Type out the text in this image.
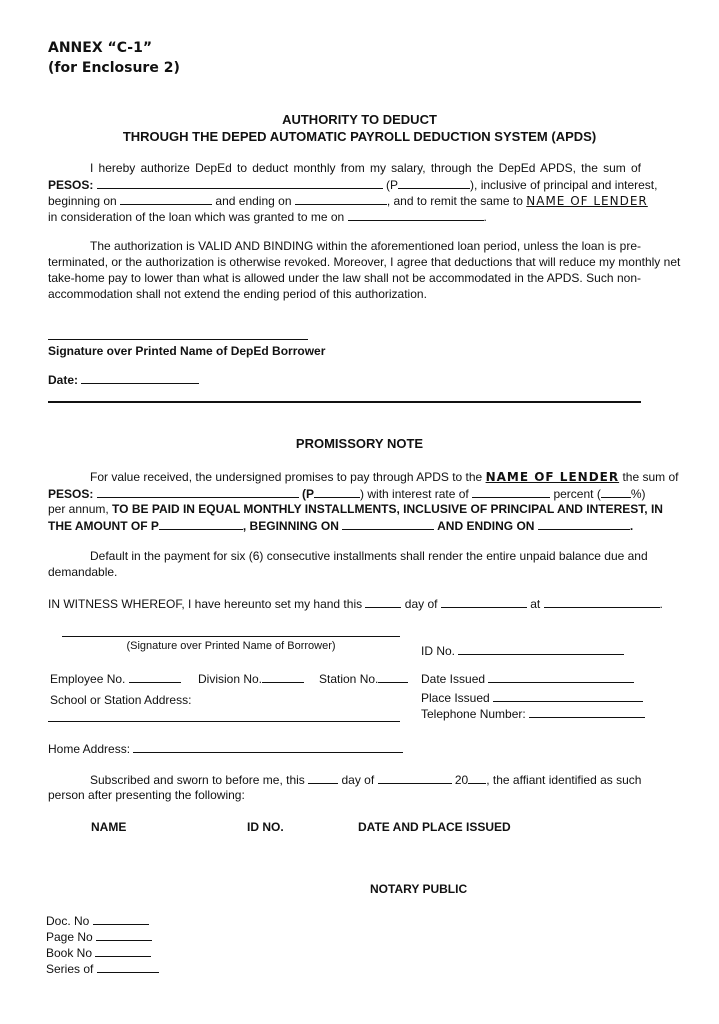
ANNEX “C-1”
(for Enclosure 2)
AUTHORITY TO DEDUCT
THROUGH THE DEPED AUTOMATIC PAYROLL DEDUCTION SYSTEM (APDS)
I hereby authorize DepEd to deduct monthly from my salary, through the DepEd APDS, the sum of
PESOS:	(P	), inclusive of principal and interest,
beginning on	and ending on	, and to remit the same to NAME OF LENDER
in consideration of the loan which was granted to me on	.
The authorization is VALID AND BINDING within the aforementioned loan period, unless the loan is pre-
terminated, or the authorization is otherwise revoked. Moreover, I agree that deductions that will reduce my monthly net
take-home pay to lower than what is allowed under the law shall not be accommodated in the APDS. Such non-
accommodation shall not extend the ending period of this authorization.
Signature over Printed Name of DepEd Borrower
Date:
PROMISSORY NOTE
For value received, the undersigned promises to pay through APDS to the NAME OF LENDER the sum of
PESOS:	(P	) with interest rate of	percent (	%)
per annum, TO BE PAID IN EQUAL MONTHLY INSTALLMENTS, INCLUSIVE OF PRINCIPAL AND INTEREST, IN
THE AMOUNT OF P	, BEGINNING ON	AND ENDING ON	.
Default in the payment for six (6) consecutive installments shall render the entire unpaid balance due and
demandable.
IN WITNESS WHEREOF, I have hereunto set my hand this	day of	at	.
(Signature over Printed Name of Borrower)	ID No.
Employee No.	Division No.	Station No.	Date Issued
School or Station Address:	Place Issued
Telephone Number:
Home Address:
Subscribed and sworn to before me, this	day of	20 , the affiant identified as such
person after presenting the following:
NAME	ID NO.	DATE AND PLACE ISSUED
NOTARY PUBLIC
Doc. No
Page No
Book No
Series of
